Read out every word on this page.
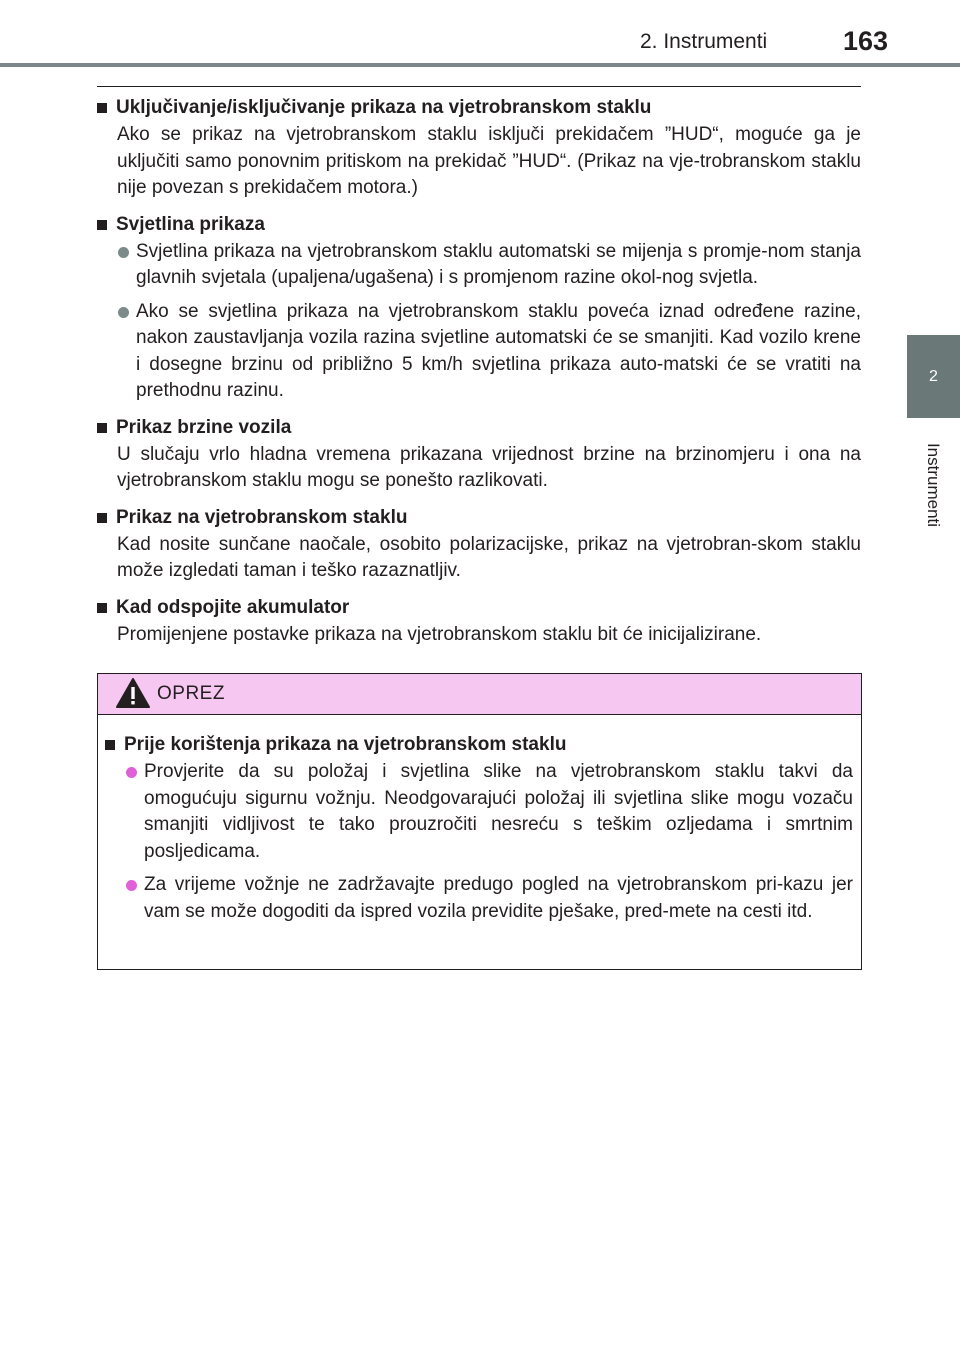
2. Instrumenti	163
2
Instrumenti
Uključivanje/isključivanje prikaza na vjetrobranskom staklu
Ako se prikaz na vjetrobranskom staklu isključi prekidačem ”HUD“, moguće ga je uključiti samo ponovnim pritiskom na prekidač ”HUD“. (Prikaz na vje-trobranskom staklu nije povezan s prekidačem motora.)
Svjetlina prikaza
Svjetlina prikaza na vjetrobranskom staklu automatski se mijenja s promje-nom stanja glavnih svjetala (upaljena/ugašena) i s promjenom razine okol-nog svjetla.
Ako se svjetlina prikaza na vjetrobranskom staklu poveća iznad određene razine, nakon zaustavljanja vozila razina svjetline automatski će se smanjiti. Kad vozilo krene i dosegne brzinu od približno 5 km/h svjetlina prikaza auto-matski će se vratiti na prethodnu razinu.
Prikaz brzine vozila
U slučaju vrlo hladna vremena prikazana vrijednost brzine na brzinomjeru i ona na vjetrobranskom staklu mogu se ponešto razlikovati.
Prikaz na vjetrobranskom staklu
Kad nosite sunčane naočale, osobito polarizacijske, prikaz na vjetrobran-skom staklu može izgledati taman i teško razaznatljiv.
Kad odspojite akumulator
Promijenjene postavke prikaza na vjetrobranskom staklu bit će inicijalizirane.
OPREZ
Prije korištenja prikaza na vjetrobranskom staklu
Provjerite da su položaj i svjetlina slike na vjetrobranskom staklu takvi da omogućuju sigurnu vožnju. Neodgovarajući položaj ili svjetlina slike mogu vozaču smanjiti vidljivost te tako prouzročiti nesreću s teškim ozljedama i smrtnim posljedicama.
Za vrijeme vožnje ne zadržavajte predugo pogled na vjetrobranskom pri-kazu jer vam se može dogoditi da ispred vozila previdite pješake, pred-mete na cesti itd.
